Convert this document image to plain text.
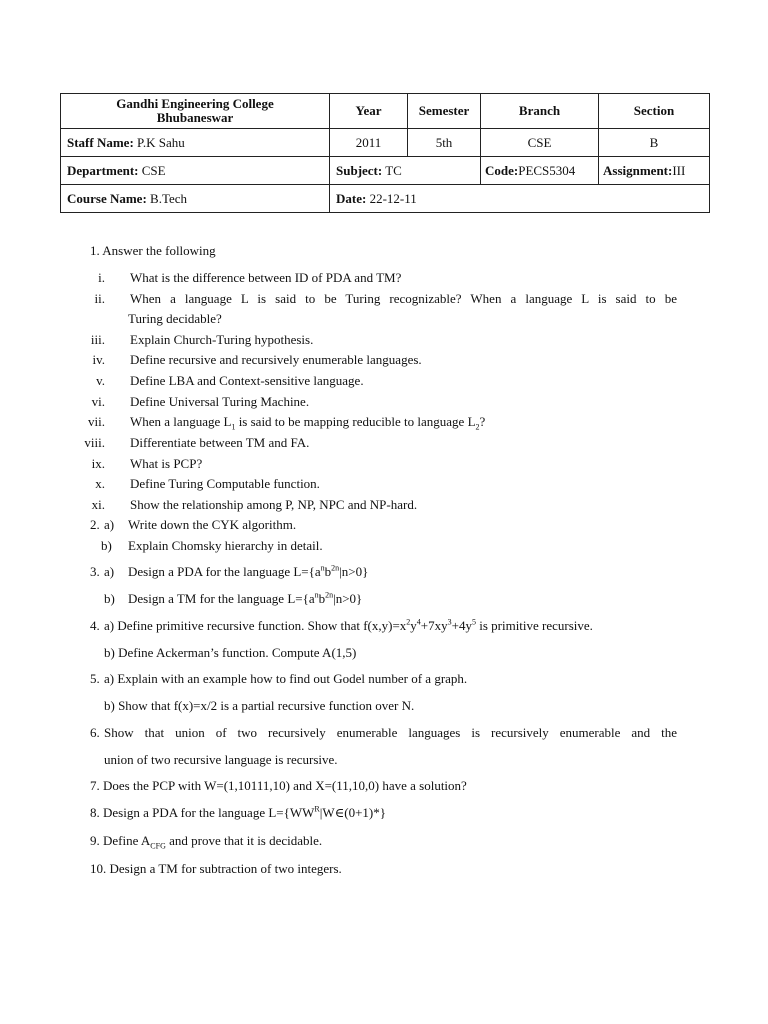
Gandhi Engineering College Bhubaneswar	Year	Semester	Branch	Section
Staff Name: P.K Sahu	2011	5th	CSE	B
Department: CSE	Subject: TC		Code:PECS5304	Assignment:III
Course Name: B.Tech	Date: 22-12-11			
1. Answer the following
i. What is the difference between ID of PDA and TM?
ii. When a language L is said to be Turing recognizable? When a language L is said to be
Turing decidable?
iii. Explain Church-Turing hypothesis.
iv. Define recursive and recursively enumerable languages.
v. Define LBA and Context-sensitive language.
vi. Define Universal Turing Machine.
vii. When a language $L_1$ is said to be mapping reducible to language $L_2$?
viii. Differentiate between TM and FA.
ix. What is PCP?
x. Define Turing Computable function.
xi. Show the relationship among P, NP, NPC and NP-hard.
2. a) Write down the CYK algorithm.
b) Explain Chomsky hierarchy in detail.
3. a) Design a PDA for the language $L=\{a^nb^{2n}|n>0\}$
b) Design a TM for the language $L=\{a^nb^{2n}|n>0\}$
4. a) Define primitive recursive function. Show that $f(x,y)=x^2y^4+7xy^3+4y^5$ is primitive recursive.
b) Define Ackerman’s function. Compute A(1,5)
5. a) Explain with an example how to find out Godel number of a graph.
b) Show that f(x)=x/2 is a partial recursive function over N.
6. Show that union of two recursively enumerable languages is recursively enumerable and the
union of two recursive language is recursive.
7. Does the PCP with W=(1,10111,10) and X=(11,10,0) have a solution?
8. Design a PDA for the language $L=\{WW^R|W\in(0+1)*\}$
9. Define $A_{CFG}$ and prove that it is decidable.
10. Design a TM for subtraction of two integers.
